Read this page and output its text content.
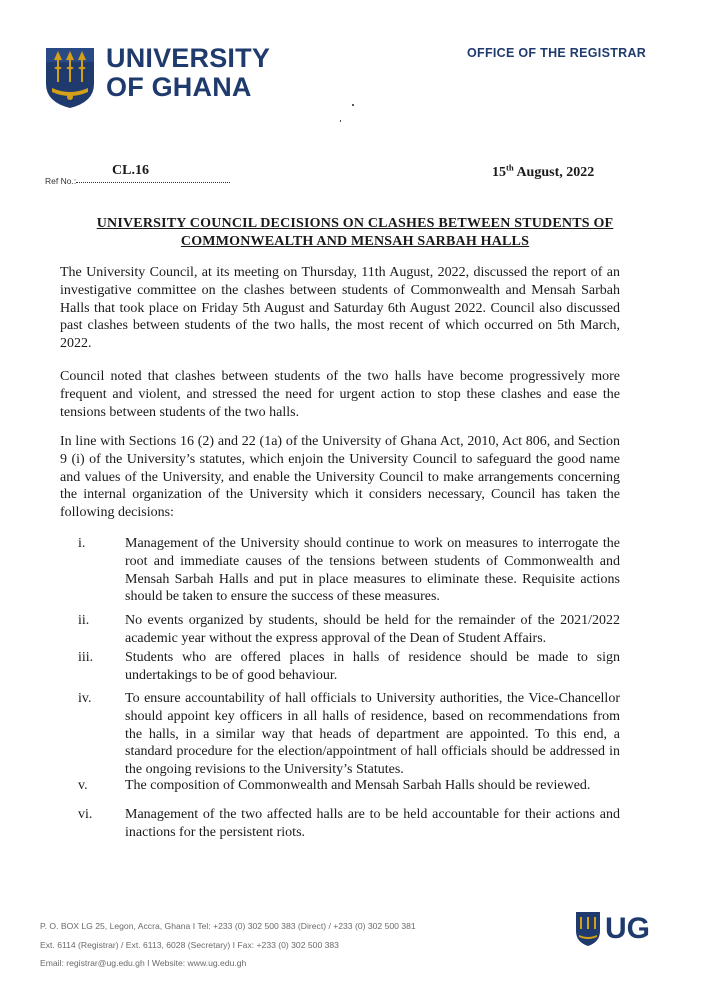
UNIVERSITY
OF GHANA
OFFICE OF THE REGISTRAR
Ref No.:
CL.16	15th August, 2022
UNIVERSITY COUNCIL DECISIONS ON CLASHES BETWEEN STUDENTS OF
COMMONWEALTH AND MENSAH SARBAH HALLS

The University Council, at its meeting on Thursday, 11th August, 2022, discussed the report of an investigative committee on the clashes between students of Commonwealth and Mensah Sarbah Halls that took place on Friday 5th August and Saturday 6th August 2022. Council also discussed past clashes between students of the two halls, the most recent of which occurred on 5th March, 2022.

Council noted that clashes between students of the two halls have become progressively more frequent and violent, and stressed the need for urgent action to stop these clashes and ease the tensions between students of the two halls.

In line with Sections 16 (2) and 22 (1a) of the University of Ghana Act, 2010, Act 806, and Section 9 (i) of the University’s statutes, which enjoin the University Council to safeguard the good name and values of the University, and enable the University Council to make arrangements concerning the internal organization of the University which it considers necessary, Council has taken the following decisions:

i.	Management of the University should continue to work on measures to interrogate the root and immediate causes of the tensions between students of Commonwealth and Mensah Sarbah Halls and put in place measures to eliminate these. Requisite actions should be taken to ensure the success of these measures.

ii.	No events organized by students, should be held for the remainder of the 2021/2022 academic year without the express approval of the Dean of Student Affairs.

iii. Students who are offered places in halls of residence should be made to sign undertakings to be of good behaviour.

iv. To ensure accountability of hall officials to University authorities, the Vice-Chancellor should appoint key officers in all halls of residence, based on recommendations from the halls, in a similar way that heads of department are appointed. To this end, a standard procedure for the election/appointment of hall officials should be addressed in the ongoing revisions to the University’s Statutes.

v.	The composition of Commonwealth and Mensah Sarbah Halls should be reviewed.

vi. Management of the two affected halls are to be held accountable for their actions and inactions for the persistent riots.

P. O. BOX LG 25, Legon, Accra, Ghana I Tel: +233 (0) 302 500 383 (Direct) / +233 (0) 302 500 381
Ext. 6114 (Registrar) / Ext. 6113, 6028 (Secretary) I Fax: +233 (0) 302 500 383
Email: registrar@ug.edu.gh I Website: www.ug.edu.gh
UG
